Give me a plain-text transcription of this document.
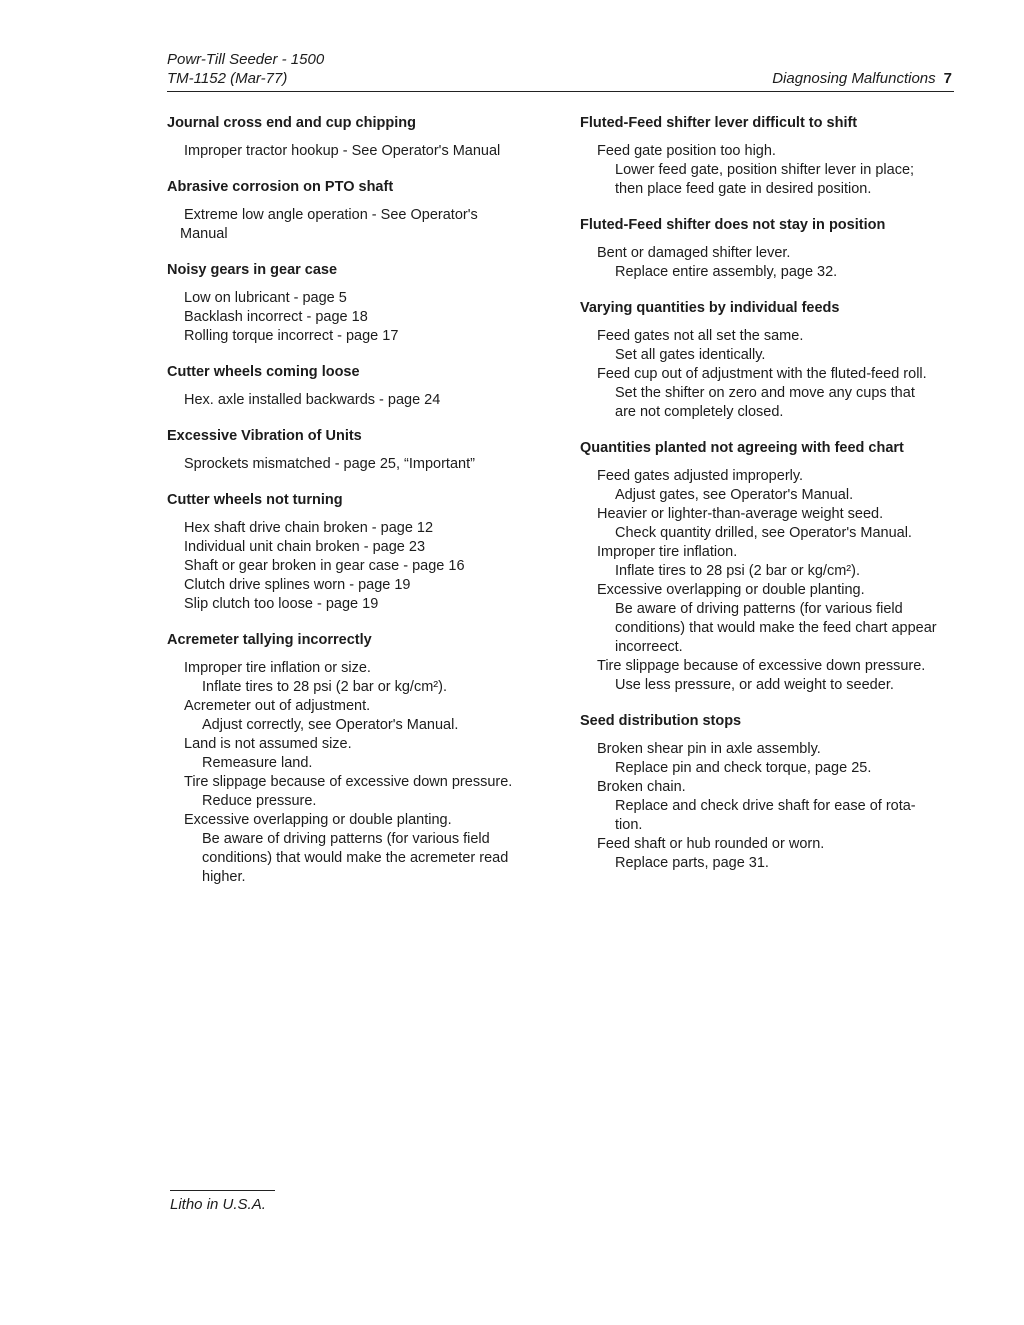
Powr-Till Seeder - 1500
TM-1152 (Mar-77)	Diagnosing Malfunctions 7
Journal cross end and cup chipping

Improper tractor hookup - See Operator's Manual

Abrasive corrosion on PTO shaft

Extreme low angle operation - See Operator's

Manual

Noisy gears in gear case

Low on lubricant - page 5

Backlash incorrect - page 18

Rolling torque incorrect - page 17

Cutter wheels coming loose

Hex. axle installed backwards - page 24

Excessive Vibration of Units

Sprockets mismatched - page 25, “Important”

Cutter wheels not turning

Hex shaft drive chain broken - page 12

Individual unit chain broken - page 23

Shaft or gear broken in gear case - page 16

Clutch drive splines worn - page 19

Slip clutch too loose - page 19

Acremeter tallying incorrectly

Improper tire inflation or size.

Inflate tires to 28 psi (2 bar or kg/cm²).

Acremeter out of adjustment.

Adjust correctly, see Operator's Manual.

Land is not assumed size.

Remeasure land.

Tire slippage because of excessive down pressure.

Reduce pressure.

Excessive overlapping or double planting.

Be aware of driving patterns (for various field

conditions) that would make the acremeter read

higher.

Fluted-Feed shifter lever difficult to shift

Feed gate position too high.

Lower feed gate, position shifter lever in place;

then place feed gate in desired position.

Fluted-Feed shifter does not stay in position

Bent or damaged shifter lever.

Replace entire assembly, page 32.

Varying quantities by individual feeds

Feed gates not all set the same.

Set all gates identically.

Feed cup out of adjustment with the fluted-feed roll.

Set the shifter on zero and move any cups that

are not completely closed.

Quantities planted not agreeing with feed chart

Feed gates adjusted improperly.

Adjust gates, see Operator's Manual.

Heavier or lighter-than-average weight seed.

Check quantity drilled, see Operator's Manual.

Improper tire inflation.

Inflate tires to 28 psi (2 bar or kg/cm²).

Excessive overlapping or double planting.

Be aware of driving patterns (for various field

conditions) that would make the feed chart appear

incorreect.

Tire slippage because of excessive down pressure.

Use less pressure, or add weight to seeder.

Seed distribution stops

Broken shear pin in axle assembly.

Replace pin and check torque, page 25.

Broken chain.

Replace and check drive shaft for ease of rota-

tion.

Feed shaft or hub rounded or worn.

Replace parts, page 31.

Litho in U.S.A.
